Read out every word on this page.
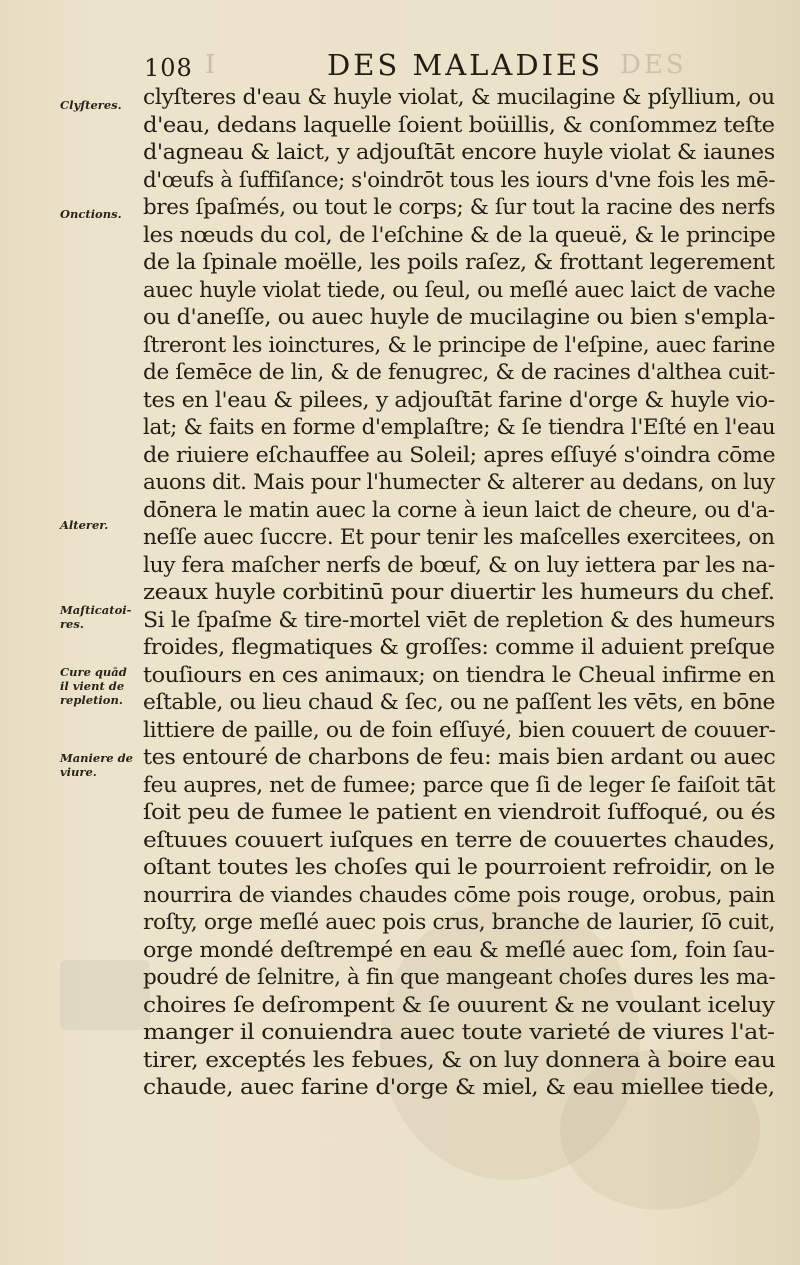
I
108	DES MALADIES DES
Clyſteres.
Onctions.
Alterer.
Maſticatoi-
res.
Cure quād
il vient de
repletion.
Maniere de
viure.
clyſteres d'eau & huyle violat, & mucilagine & pſyllium, ou
d'eau, dedans laquelle ſoient boüillis, & conſommez teſte
d'agneau & laict, y adjouſtāt encore huyle violat & iaunes
d'œufs à ſuffiſance; s'oindrōt tous les iours d'vne fois les mē-
bres ſpaſmés, ou tout le corps; & ſur tout la racine des nerfs
les nœuds du col, de l'eſchine & de la queuë, & le principe
de la ſpinale moëlle, les poils raſez, & frottant legerement
auec huyle violat tiede, ou ſeul, ou meſlé auec laict de vache
ou d'aneſſe, ou auec huyle de mucilagine ou bien s'empla-
ſtreront les ioinctures, & le principe de l'eſpine, auec farine
de ſemēce de lin, & de fenugrec, & de racines d'althea cuit-
tes en l'eau & pilees, y adjouſtāt farine d'orge & huyle vio-
lat; & faits en forme d'emplaſtre; & ſe tiendra l'Eſté en l'eau
de riuiere eſchauffee au Soleil; apres eſſuyé s'oindra cōme
auons dit. Mais pour l'humecter & alterer au dedans, on luy
dōnera le matin auec la corne à ieun laict de cheure, ou d'a-
neſſe auec ſuccre. Et pour tenir les maſcelles exercitees, on
luy fera maſcher nerfs de bœuf, & on luy iettera par les na-
zeaux huyle corbitinū pour diuertir les humeurs du chef.
Si le ſpaſme & tire-mortel viēt de repletion & des humeurs
froides, flegmatiques & groſſes: comme il aduient preſque
touſiours en ces animaux; on tiendra le Cheual infirme en
eſtable, ou lieu chaud & ſec, ou ne paſſent les vēts, en bōne
littiere de paille, ou de foin eſſuyé, bien couuert de couuer-
tes entouré de charbons de feu: mais bien ardant ou auec
feu aupres, net de fumee; parce que ſi de leger ſe faiſoit tāt
ſoit peu de fumee le patient en viendroit ſuffoqué, ou és
eſtuues couuert iuſques en terre de couuertes chaudes,
oſtant toutes les choſes qui le pourroient refroidir, on le
nourrira de viandes chaudes cōme pois rouge, orobus, pain
roſty, orge meſlé auec pois crus, branche de laurier, ſō cuit,
orge mondé deſtrempé en eau & meſlé auec ſom, foin ſau-
poudré de ſelnitre, à fin que mangeant choſes dures les ma-
choires ſe deſrompent & ſe ouurent & ne voulant iceluy
manger il conuiendra auec toute varieté de viures l'at-
tirer, exceptés les febues, & on luy donnera à boire eau
chaude, auec farine d'orge & miel, & eau miellee tiede,
